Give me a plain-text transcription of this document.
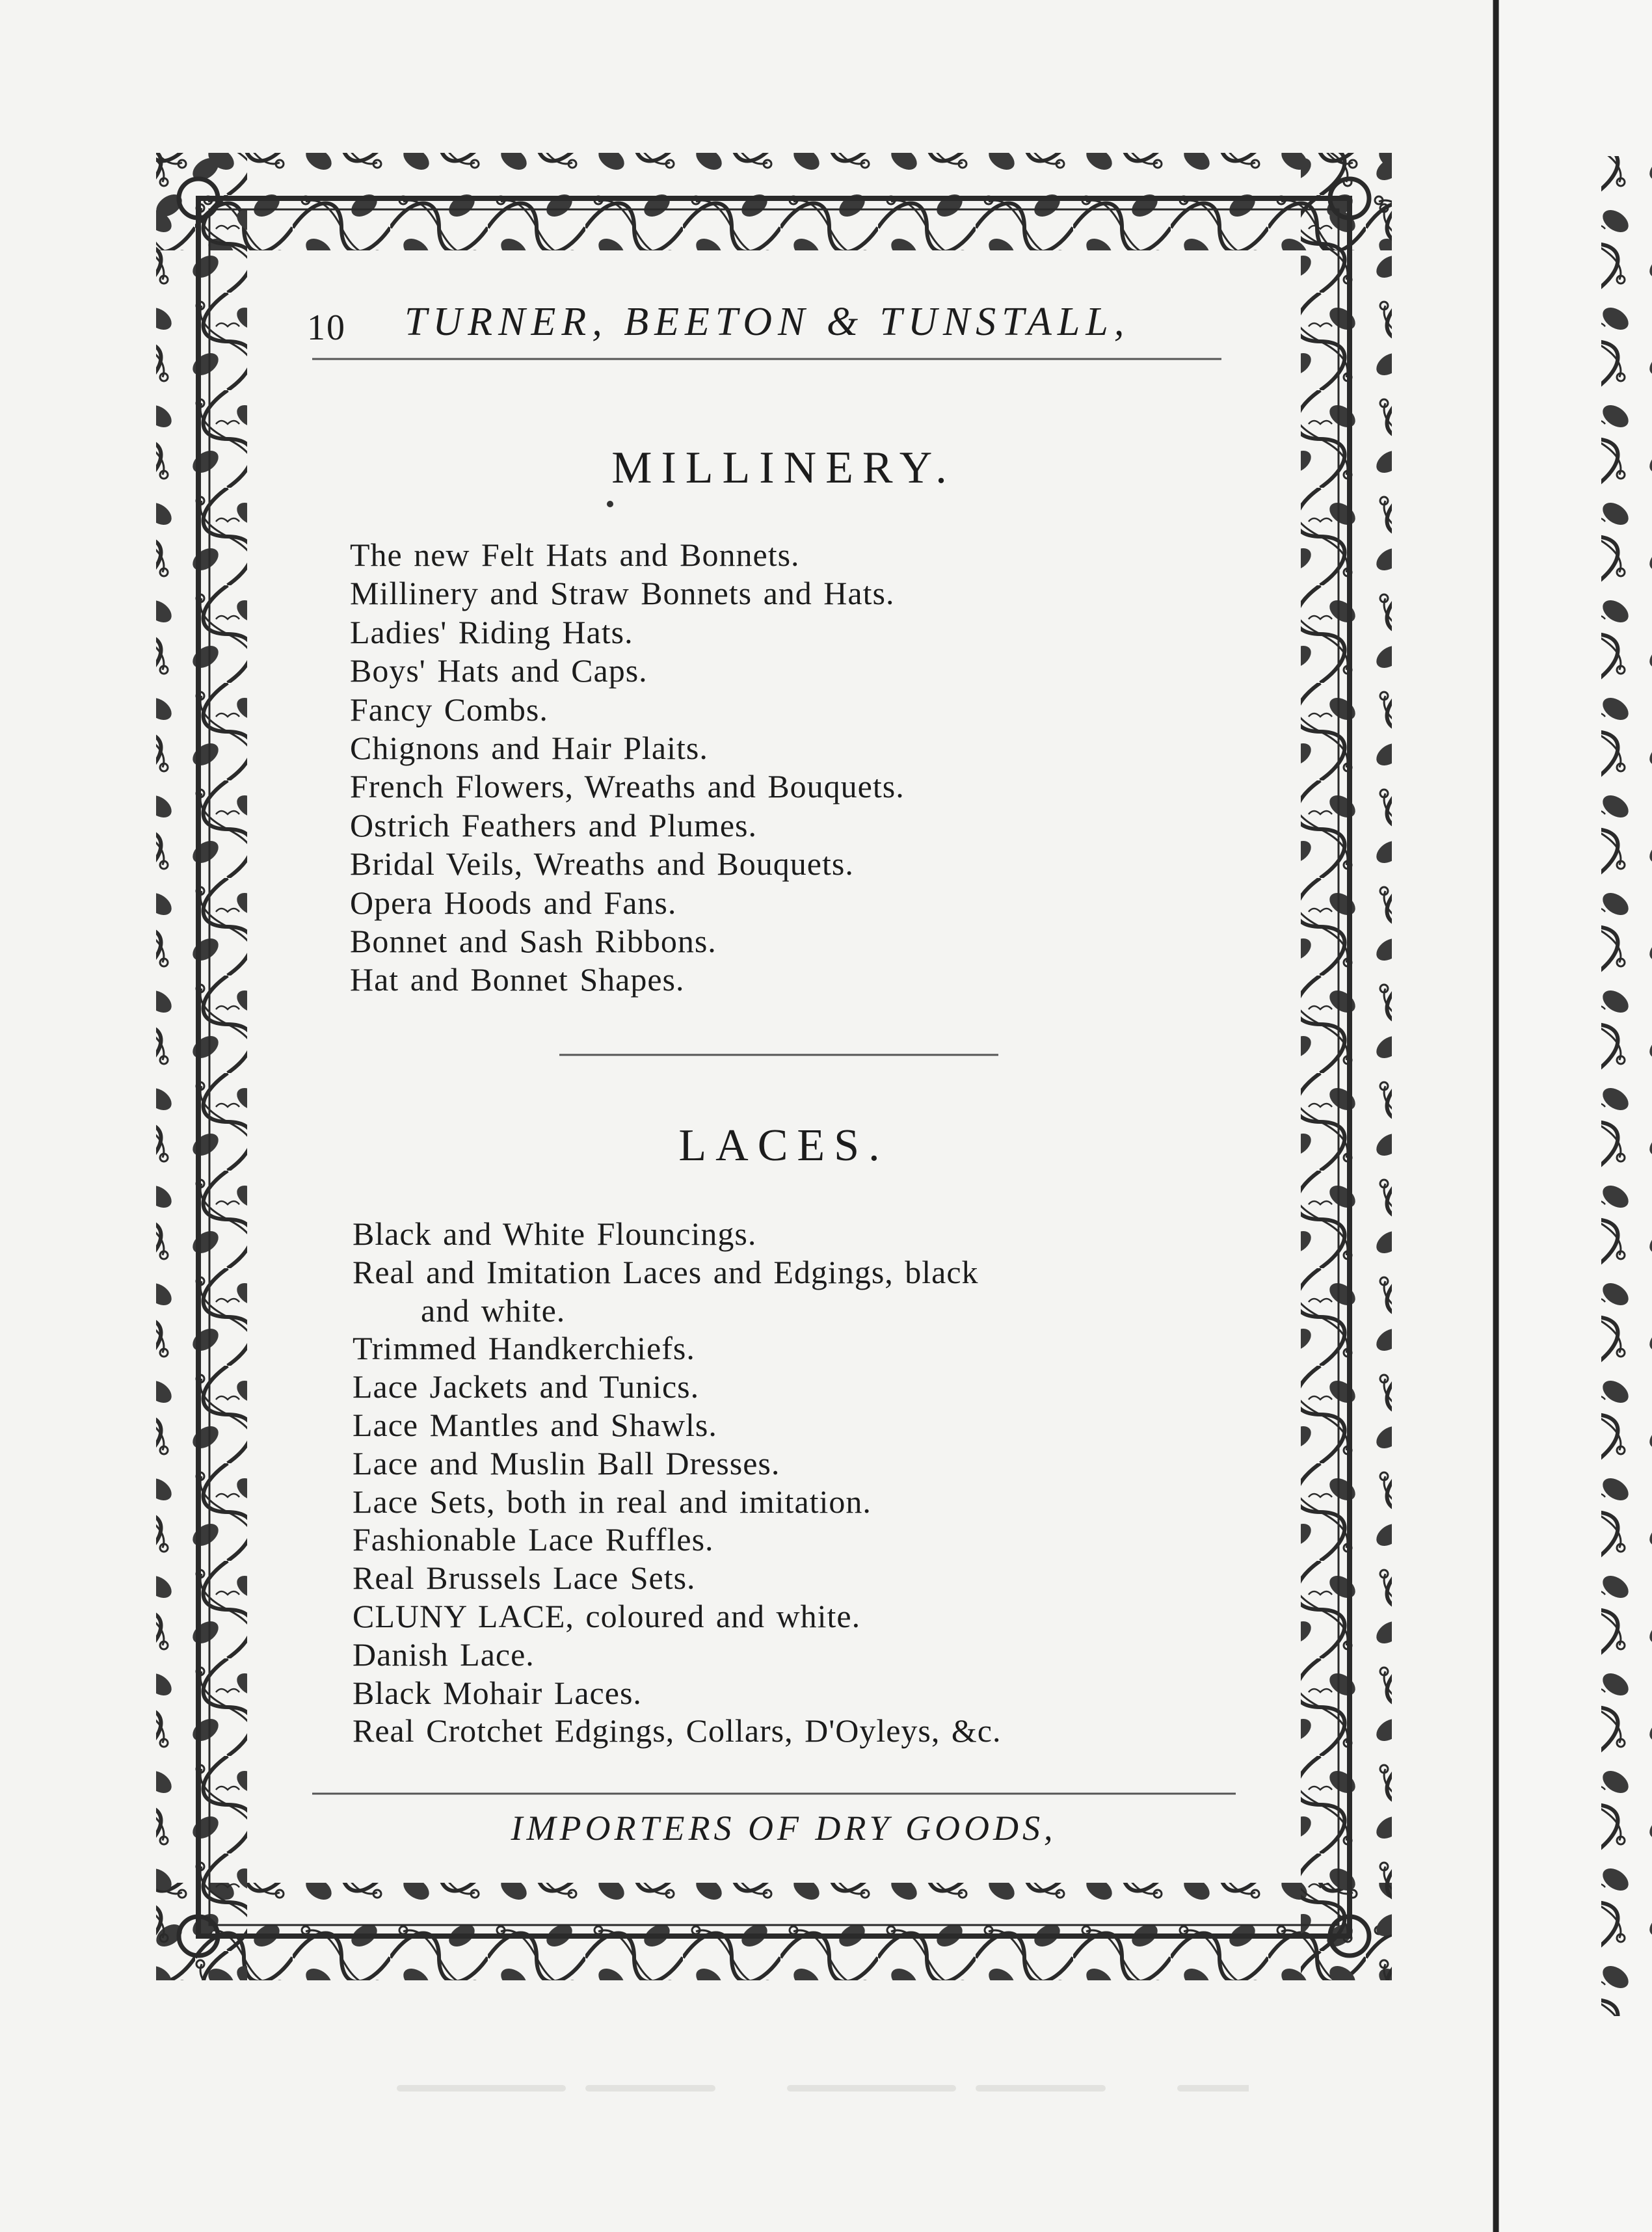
10 TURNER, BEETON & TUNSTALL,
MILLINERY.
The new Felt Hats and Bonnets.
Millinery and Straw Bonnets and Hats.
Ladies' Riding Hats.
Boys' Hats and Caps.
Fancy Combs.
Chignons and Hair Plaits.
French Flowers, Wreaths and Bouquets.
Ostrich Feathers and Plumes.
Bridal Veils, Wreaths and Bouquets.
Opera Hoods and Fans.
Bonnet and Sash Ribbons.
Hat and Bonnet Shapes.
LACES.
Black and White Flouncings.
Real and Imitation Laces and Edgings, black
and white.
Trimmed Handkerchiefs.
Lace Jackets and Tunics.
Lace Mantles and Shawls.
Lace and Muslin Ball Dresses.
Lace Sets, both in real and imitation.
Fashionable Lace Ruffles.
Real Brussels Lace Sets.
CLUNY LACE, coloured and white.
Danish Lace.
Black Mohair Laces.
Real Crotchet Edgings, Collars, D'Oyleys, &c.
IMPORTERS OF DRY GOODS,
